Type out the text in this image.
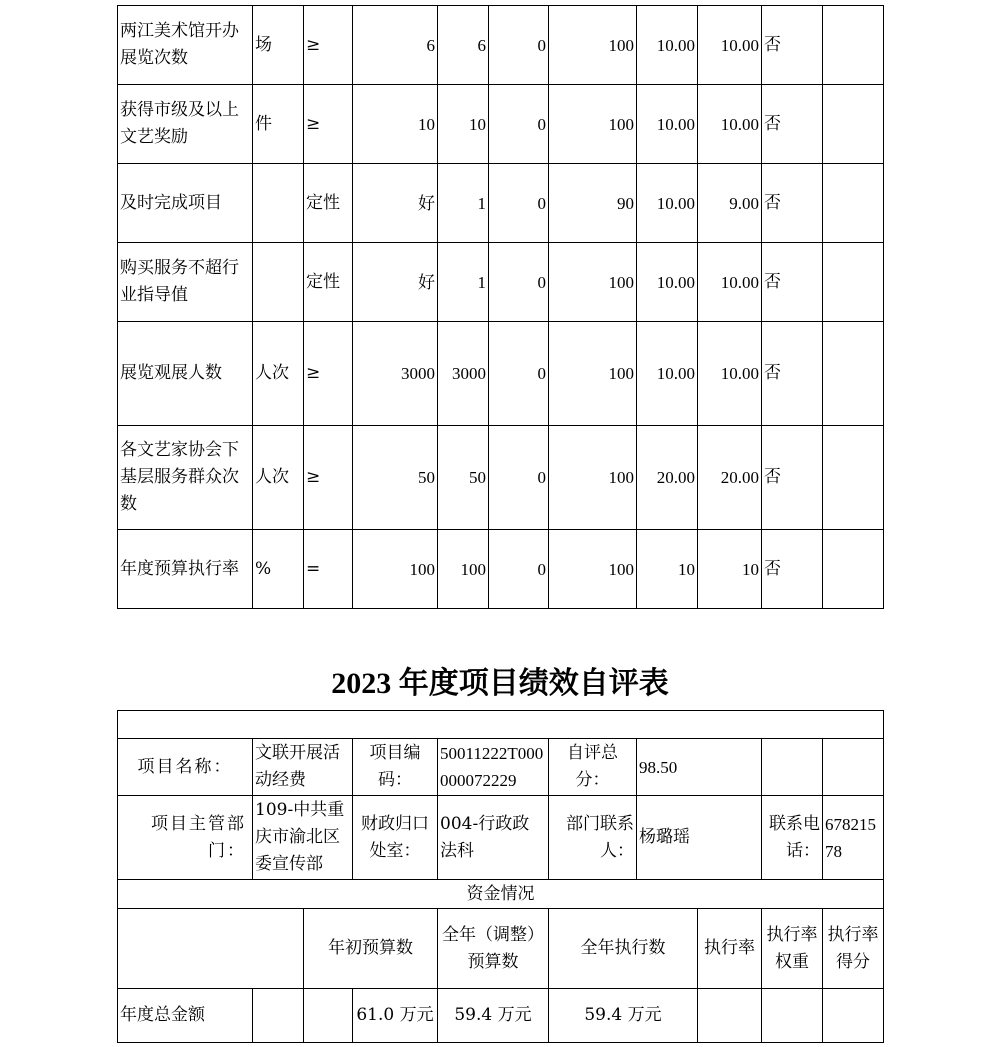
两江美术馆开办展览次数	场	≥	6	6	0	100	10.00	10.00	否	
获得市级及以上文艺奖励	件	≥	10	10	0	100	10.00	10.00	否	
及时完成项目		定性	好	1	0	90	10.00	9.00	否	
购买服务不超行业指导值		定性	好	1	0	100	10.00	10.00	否	
展览观展人数	人次	≥	3000	3000	0	100	10.00	10.00	否	
各文艺家协会下基层服务群众次数	人次	≥	50	50	0	100	20.00	20.00	否	
年度预算执行率	%	=	100	100	0	100	10	10	否	
2023 年度项目绩效自评表

项目名称：	文联开展活动经费		项目编码：	50011222T000000072229	自评总分：	98.50			
项目主管部门：	109-中共重庆市渝北区委宣传部		财政归口处室：	004-行政政法科	部门联系人：	杨璐瑶		联系电话：	67821578
资金情况									
		年初预算数		全年（调整）预算数	全年执行数		执行率	执行率权重	执行率得分
年度总金额			61.0 万元	59.4 万元	59.4 万元				
